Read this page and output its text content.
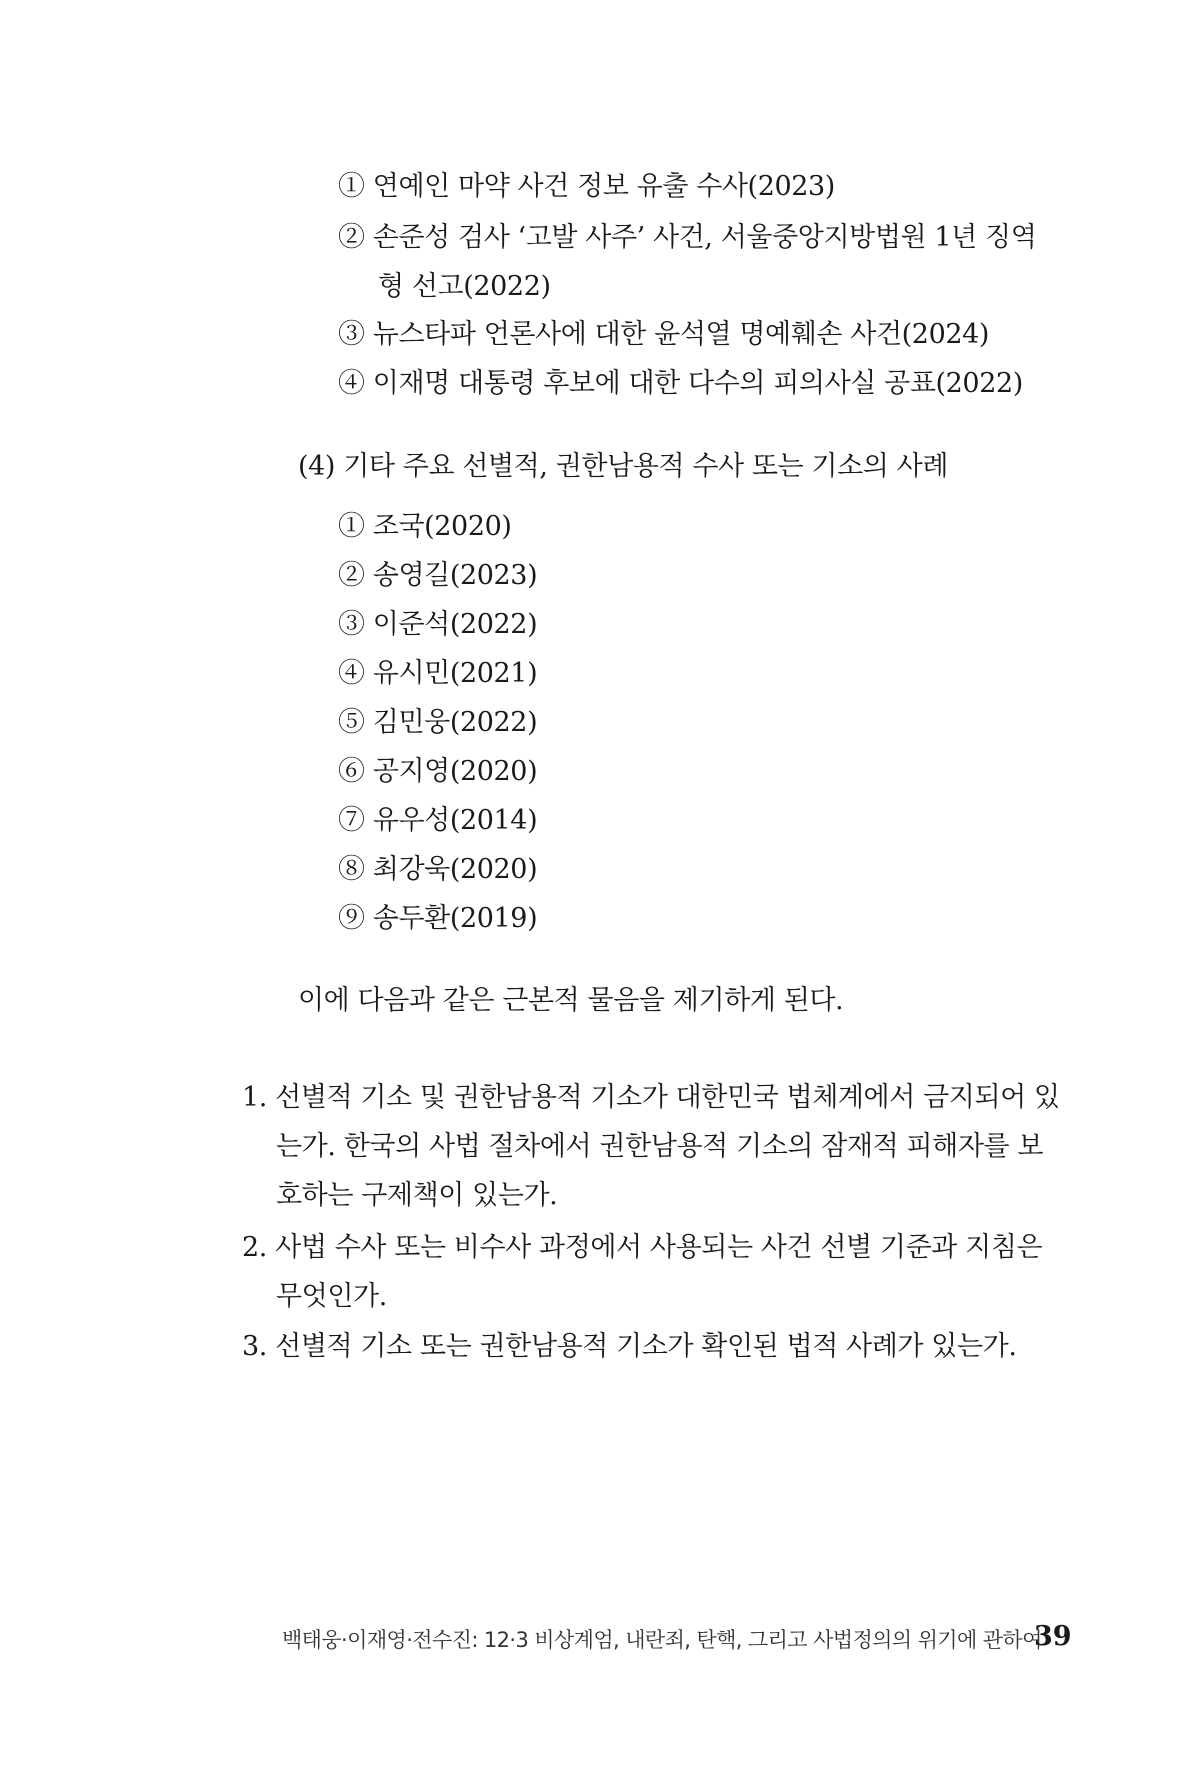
① 연예인 마약 사건 정보 유출 수사(2023)
② 손준성 검사 ‘고발 사주’ 사건, 서울중앙지방법원 1년 징역
형 선고(2022)
③ 뉴스타파 언론사에 대한 윤석열 명예훼손 사건(2024)
④ 이재명 대통령 후보에 대한 다수의 피의사실 공표(2022)
(4) 기타 주요 선별적, 권한남용적 수사 또는 기소의 사례
① 조국(2020)
② 송영길(2023)
③ 이준석(2022)
④ 유시민(2021)
⑤ 김민웅(2022)
⑥ 공지영(2020)
⑦ 유우성(2014)
⑧ 최강욱(2020)
⑨ 송두환(2019)
이에 다음과 같은 근본적 물음을 제기하게 된다.
1. 선별적 기소 및 권한남용적 기소가 대한민국 법체계에서 금지되어 있
는가. 한국의 사법 절차에서 권한남용적 기소의 잠재적 피해자를 보
호하는 구제책이 있는가.
2. 사법 수사 또는 비수사 과정에서 사용되는 사건 선별 기준과 지침은
무엇인가.
3. 선별적 기소 또는 권한남용적 기소가 확인된 법적 사례가 있는가.
백태웅·이재영·전수진: 12·3 비상계엄, 내란죄, 탄핵, 그리고 사법정의의 위기에 관하여
39
